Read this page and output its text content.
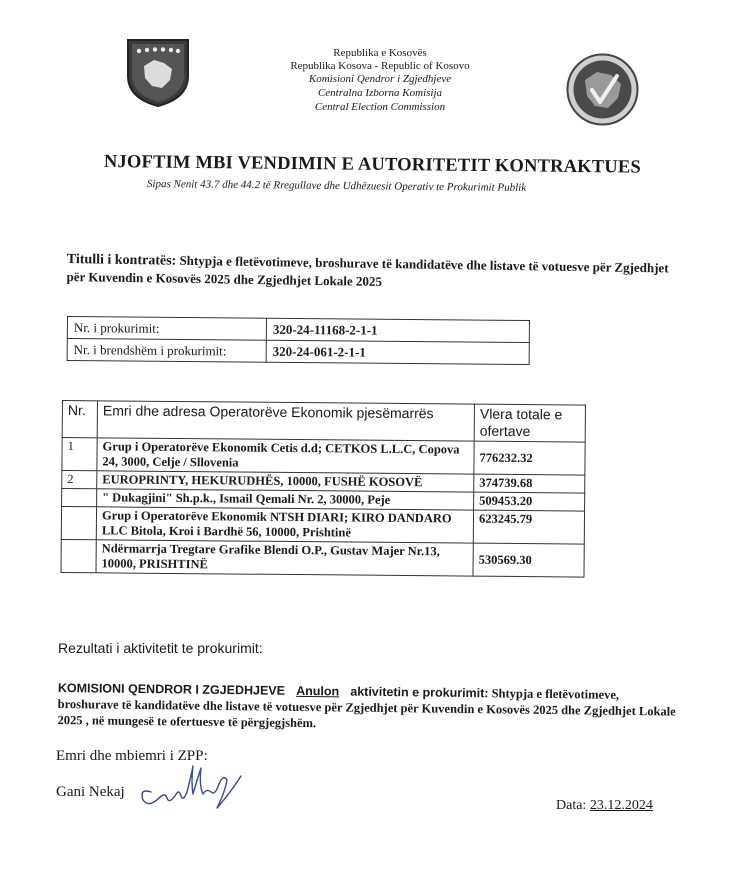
Republika e Kosovës
Republika Kosova - Republic of Kosovo
Komisioni Qendror i Zgjedhjeve
Centralna Izborna Komisija
Central Election Commission
NJOFTIM MBI VENDIMIN E AUTORITETIT KONTRAKTUES
Sipas Nenit 43.7 dhe 44.2 të Rregullave dhe Udhëzuesit Operativ te Prokurimit Publik
Titulli i kontratës: Shtypja e fletëvotimeve, broshurave të kandidatëve dhe listave të votuesve për Zgjedhjet për Kuvendin e Kosovës 2025 dhe Zgjedhjet Lokale 2025
Nr. i prokurimit:	320-24-11168-2-1-1
Nr. i brendshëm i prokurimit:	320-24-061-2-1-1
Nr.	Emri dhe adresa Operatorëve Ekonomik pjesëmarrës	Vlera totale e ofertave
1	Grup i Operatorëve Ekonomik Cetis d.d; CETKOS L.L.C, Copova 24, 3000, Celje / Sllovenia	776232.32
2	EUROPRINTY, HEKURUDHËS, 10000, FUSHË KOSOVË	374739.68
	" Dukagjini" Sh.p.k., Ismail Qemali Nr. 2, 30000, Peje	509453.20
	Grup i Operatorëve Ekonomik NTSH DIARI; KIRO DANDARO LLC Bitola, Kroi i Bardhë 56, 10000, Prishtinë	623245.79
	Ndërmarrja Tregtare Grafike Blendi O.P., Gustav Majer Nr.13, 10000, PRISHTINË	530569.30
Rezultati i aktivitetit te prokurimit:
KOMISIONI QENDROR I ZGJEDHJEVE Anulon aktivitetin e prokurimit: Shtypja e fletëvotimeve, broshurave të kandidatëve dhe listave të votuesve për Zgjedhjet për Kuvendin e Kosovës 2025 dhe Zgjedhjet Lokale 2025 , në mungesë te ofertuesve të përgjegjshëm.
Emri dhe mbiemri i ZPP:
Gani Nekaj
Data: 23.12.2024
